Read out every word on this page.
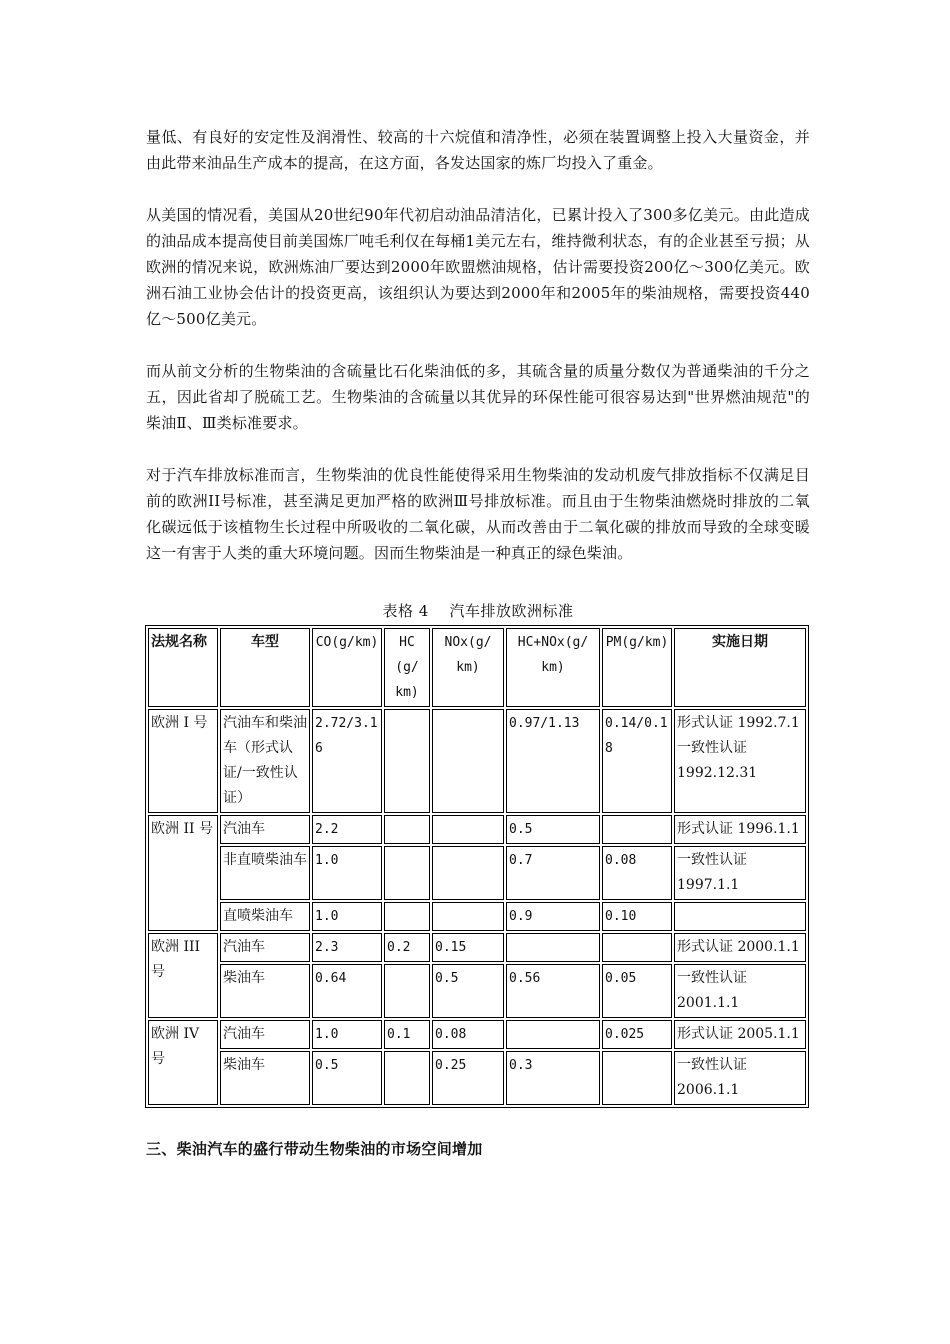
量低、有良好的安定性及润滑性、较高的十六烷值和清净性，必须在装置调整上投入大量资金，并由此带来油品生产成本的提高，在这方面，各发达国家的炼厂均投入了重金。

从美国的情况看，美国从20世纪90年代初启动油品清洁化，已累计投入了300多亿美元。由此造成的油品成本提高使目前美国炼厂吨毛利仅在每桶1美元左右，维持微利状态，有的企业甚至亏损；从欧洲的情况来说，欧洲炼油厂要达到2000年欧盟燃油规格，估计需要投资200亿～300亿美元。欧洲石油工业协会估计的投资更高，该组织认为要达到2000年和2005年的柴油规格，需要投资440亿～500亿美元。

而从前文分析的生物柴油的含硫量比石化柴油低的多，其硫含量的质量分数仅为普通柴油的千分之五，因此省却了脱硫工艺。生物柴油的含硫量以其优异的环保性能可很容易达到"世界燃油规范"的柴油Ⅱ、Ⅲ类标准要求。

对于汽车排放标准而言，生物柴油的优良性能使得采用生物柴油的发动机废气排放指标不仅满足目前的欧洲II号标准，甚至满足更加严格的欧洲Ⅲ号排放标准。而且由于生物柴油燃烧时排放的二氧化碳远低于该植物生长过程中所吸收的二氧化碳，从而改善由于二氧化碳的排放而导致的全球变暖这一有害于人类的重大环境问题。因而生物柴油是一种真正的绿色柴油。

表格 4　 汽车排放欧洲标准
法规名称	车型	CO(g/km)	HC (g/ km)	NOx(g/ km)	HC+NOx(g/ km)	PM(g/km)	实施日期
欧洲 I 号	汽油车和柴油车（形式认证/一致性认证）	2.72/3.16			0.97/1.13	0.14/0.18	形式认证 1992.7.1 一致性认证 1992.12.31
欧洲 II 号	汽油车	2.2			0.5		形式认证 1996.1.1
	非直喷柴油车	1.0			0.7	0.08	一致性认证 1997.1.1
	直喷柴油车	1.0			0.9	0.10	
欧洲 III 号	汽油车	2.3	0.2	0.15			形式认证 2000.1.1
	柴油车	0.64		0.5	0.56	0.05	一致性认证 2001.1.1
欧洲 IV 号	汽油车	1.0	0.1	0.08		0.025	形式认证 2005.1.1
	柴油车	0.5		0.25	0.3		一致性认证 2006.1.1
三、柴油汽车的盛行带动生物柴油的市场空间增加
